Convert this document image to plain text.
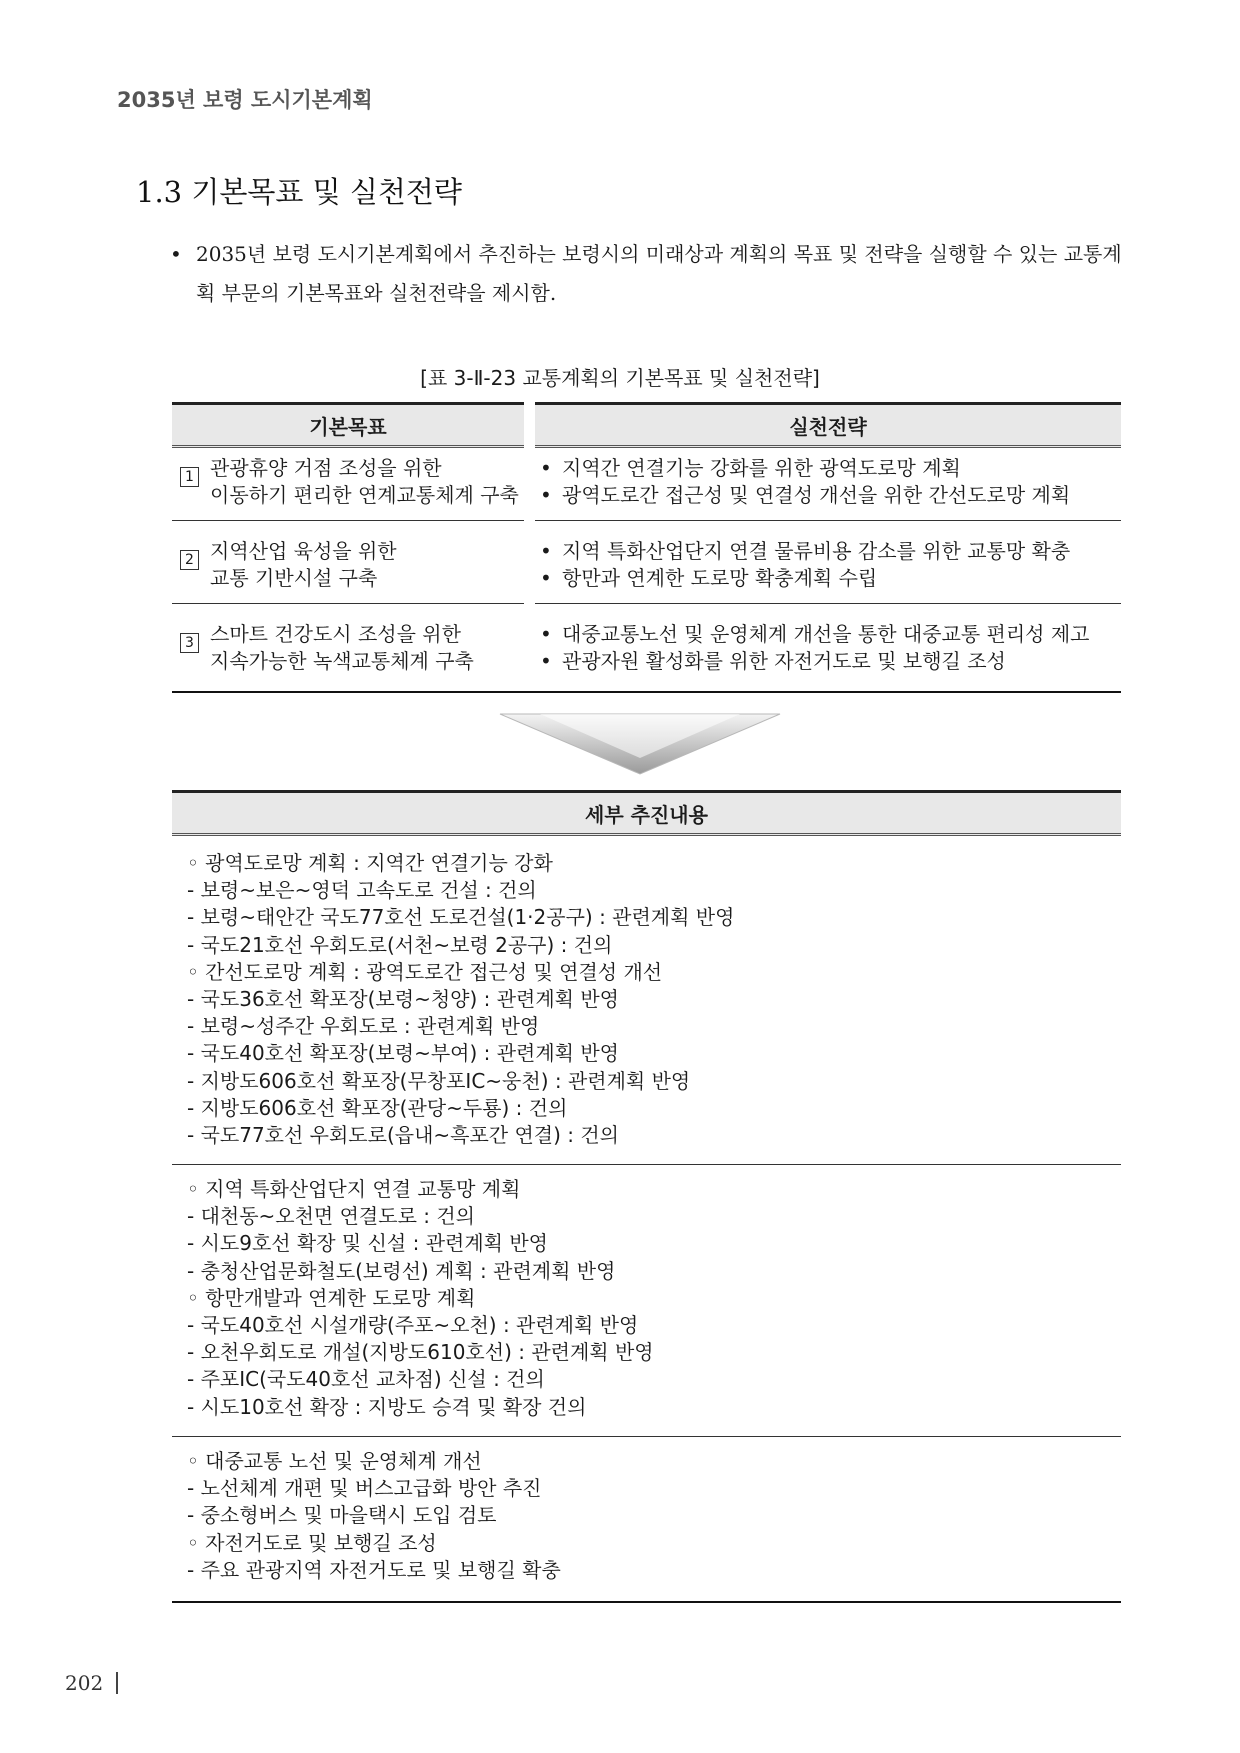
2035년 보령 도시기본계획
1.3 기본목표 및 실천전략
• 2035년 보령 도시기본계획에서 추진하는 보령시의 미래상과 계획의 목표 및 전략을 실행할 수 있는 교통계획 부문의 기본목표와 실천전략을 제시함.
[표 3-Ⅱ-23 교통계획의 기본목표 및 실천전략]
기본목표	실천전략
1 관광휴양 거점 조성을 위한
이동하기 편리한 연계교통체계 구축
• 지역간 연결기능 강화를 위한 광역도로망 계획
• 광역도로간 접근성 및 연결성 개선을 위한 간선도로망 계획
2 지역산업 육성을 위한
교통 기반시설 구축
• 지역 특화산업단지 연결 물류비용 감소를 위한 교통망 확충
• 항만과 연계한 도로망 확충계획 수립
3 스마트 건강도시 조성을 위한
지속가능한 녹색교통체계 구축
• 대중교통노선 및 운영체계 개선을 통한 대중교통 편리성 제고
• 관광자원 활성화를 위한 자전거도로 및 보행길 조성
세부 추진내용
◦ 광역도로망 계획 : 지역간 연결기능 강화
- 보령~보은~영덕 고속도로 건설 : 건의
- 보령~태안간 국도77호선 도로건설(1·2공구) : 관련계획 반영
- 국도21호선 우회도로(서천~보령 2공구) : 건의
◦ 간선도로망 계획 : 광역도로간 접근성 및 연결성 개선
- 국도36호선 확포장(보령~청양) : 관련계획 반영
- 보령~성주간 우회도로 : 관련계획 반영
- 국도40호선 확포장(보령~부여) : 관련계획 반영
- 지방도606호선 확포장(무창포IC~웅천) : 관련계획 반영
- 지방도606호선 확포장(관당~두룡) : 건의
- 국도77호선 우회도로(읍내~흑포간 연결) : 건의
◦ 지역 특화산업단지 연결 교통망 계획
- 대천동~오천면 연결도로 : 건의
- 시도9호선 확장 및 신설 : 관련계획 반영
- 충청산업문화철도(보령선) 계획 : 관련계획 반영
◦ 항만개발과 연계한 도로망 계획
- 국도40호선 시설개량(주포~오천) : 관련계획 반영
- 오천우회도로 개설(지방도610호선) : 관련계획 반영
- 주포IC(국도40호선 교차점) 신설 : 건의
- 시도10호선 확장 : 지방도 승격 및 확장 건의
◦ 대중교통 노선 및 운영체계 개선
- 노선체계 개편 및 버스고급화 방안 추진
- 중소형버스 및 마을택시 도입 검토
◦ 자전거도로 및 보행길 조성
- 주요 관광지역 자전거도로 및 보행길 확충
202
